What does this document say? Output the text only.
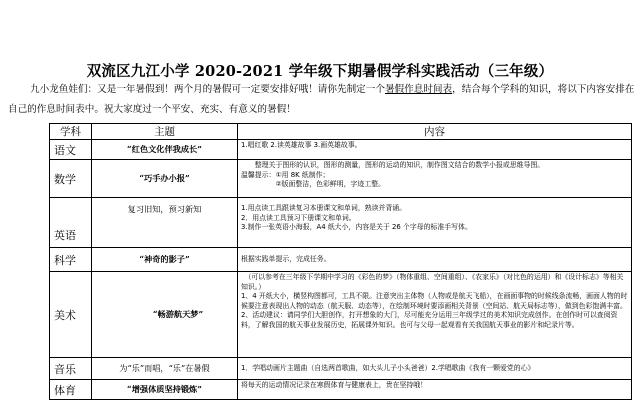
双流区九江小学 2020-2021 学年级下期暑假学科实践活动（三年级）
九小龙鱼娃们：又是一年暑假到！两个月的暑假可一定要安排好哦！请你先制定一个暑假作息时间表，结合每个学科的知识，将以下内容安排在自己的作息时间表中。祝大家度过一个平安、充实、有意义的暑假！
学科	主题	内容
语文	“红色文化伴我成长”	1.唱红歌 2.读英雄故事 3.画英雄故事。

数学	“巧手办小报”	　　整理关于图形的认识，图形的测量，图形的运动的知识，制作图文结合的数学小报或思维导图。

温馨提示：①用 8K 纸制作；

　　　　　②版面整洁，色彩鲜明，字迹工整。

英语	复习旧知，预习新知	1.用点读工具跟读复习本册课文和单词，熟读并背诵。

2．用点读工具预习下册课文和单词。

3.制作一张英语小海报，A4 纸大小，内容是关于 26 个字母的标准手写体。

科学	“神奇的影子”	根据实践单提示，完成任务。

美术	“畅游航天梦”	　（可以参考在三年级下学期中学习的《彩色的梦》（物体重组、空间重组）、《农家乐》（对比色的运用）和《设计标志》等相关知识。）

1、4 开纸大小，横竖构图都可，工具不限。注意突出主体物（人物或是航天飞船），在画面事物的时候线条流畅，画面人物的时候要注意表现出人物的动态（航天服、动态等），在绘制环境时要添画相关背景（空间站、航天局标志等），做到色彩饱满丰富。

2、活动建议：请同学们大胆创作，打开想象的大门，尽可能充分运用三年级学过的美术知识完成创作。在创作时可以查阅资料，了解我国的航天事业发展历史，拓展课外知识。也可与父母一起观看有关我国航天事业的影片和纪录片等。

音乐	为“乐”而唱，“乐”在暑假	1．学唱动画片主题曲（自选两首歌曲，如大头儿子小头爸爸）2.学唱歌曲《我有一颗爱党的心》

体育	“增强体质坚持锻炼”	将每天的运动情况记录在寒假体育与健康表上，贵在坚持哦！
